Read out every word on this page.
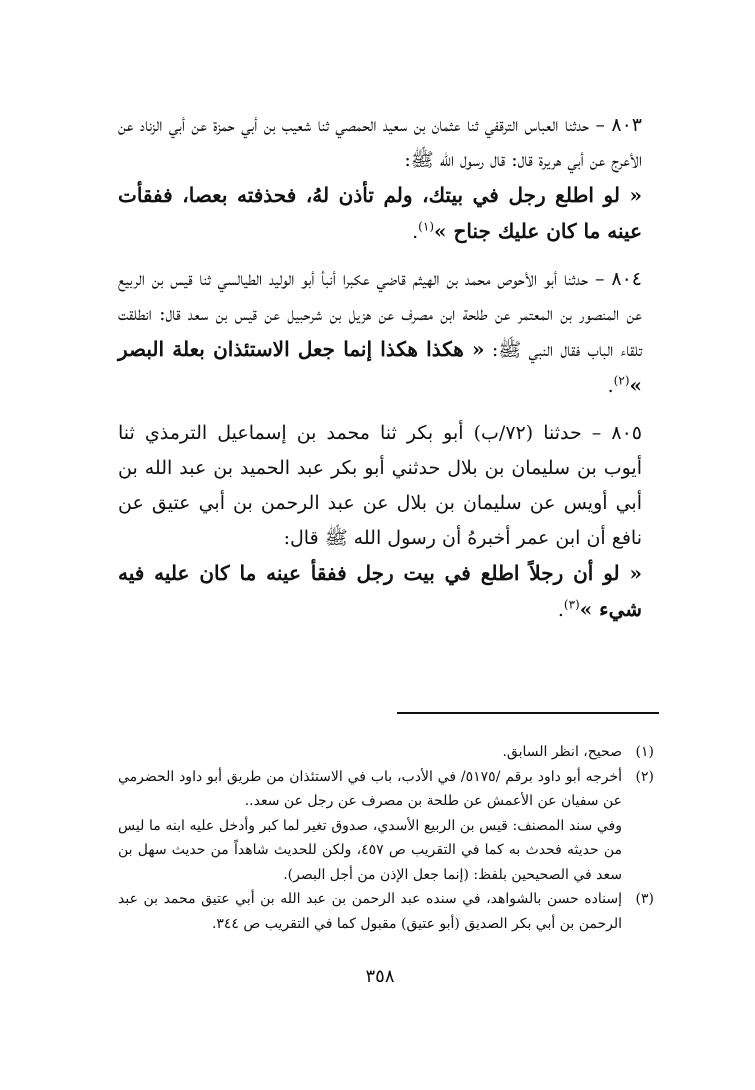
٨٠٣ – حدثنا العباس الترقفي ثنا عثمان بن سعيد الحمصي ثنا شعيب بن أبي حمزة عن أبي الزناد عن الأعرج عن أبي هريرة قال: قال رسول الله ﷺ:
« لو اطلع رجل في بيتك، ولم تأذن لهُ، فحذفته بعصا، ففقأت عينه ما كان عليك جناح »$^{(١)}$.

٨٠٤ – حدثنا أبو الأحوص محمد بن الهيثم قاضي عكبرا أنبأ أبو الوليد الطيالسي ثنا قيس بن الربيع عن المنصور بن المعتمر عن طلحة ابن مصرف عن هزيل بن شرحبيل عن قيس بن سعد قال: انطلقت تلقاء الباب فقال النبي ﷺ: « هكذا هكذا إنما جعل الاستئذان بعلة البصر »$^{(٢)}$.

٨٠٥ – حدثنا (٧٢/ب) أبو بكر ثنا محمد بن إسماعيل الترمذي ثنا أيوب بن سليمان بن بلال حدثني أبو بكر عبد الحميد بن عبد الله بن أبي أويس عن سليمان بن بلال عن عبد الرحمن بن أبي عتيق عن نافع أن ابن عمر أخبرهُ أن رسول الله ﷺ قال:
« لو أن رجلاً اطلع في بيت رجل ففقأ عينه ما كان عليه فيه شيء »$^{(٣)}$.

(١)
صحيح، انظر السابق.
(٢)
أخرجه أبو داود برقم /٥١٧٥/ في الأدب، باب في الاستئذان من طريق أبو داود الحضرمي عن سفيان عن الأعمش عن طلحة بن مصرف عن رجل عن سعد..
وفي سند المصنف: قيس بن الربيع الأسدي، صدوق تغير لما كبر وأدخل عليه ابنه ما ليس من حديثه فحدث به كما في التقريب ص ٤٥٧، ولكن للحديث شاهداً من حديث سهل بن سعد في الصحيحين بلفظ: (إنما جعل الإذن من أجل البصر).
(٣)
إسناده حسن بالشواهد، في سنده عبد الرحمن بن عبد الله بن أبي عتيق محمد بن عبد الرحمن بن أبي بكر الصديق (أبو عتيق) مقبول كما في التقريب ص ٣٤٤.
٣٥٨
